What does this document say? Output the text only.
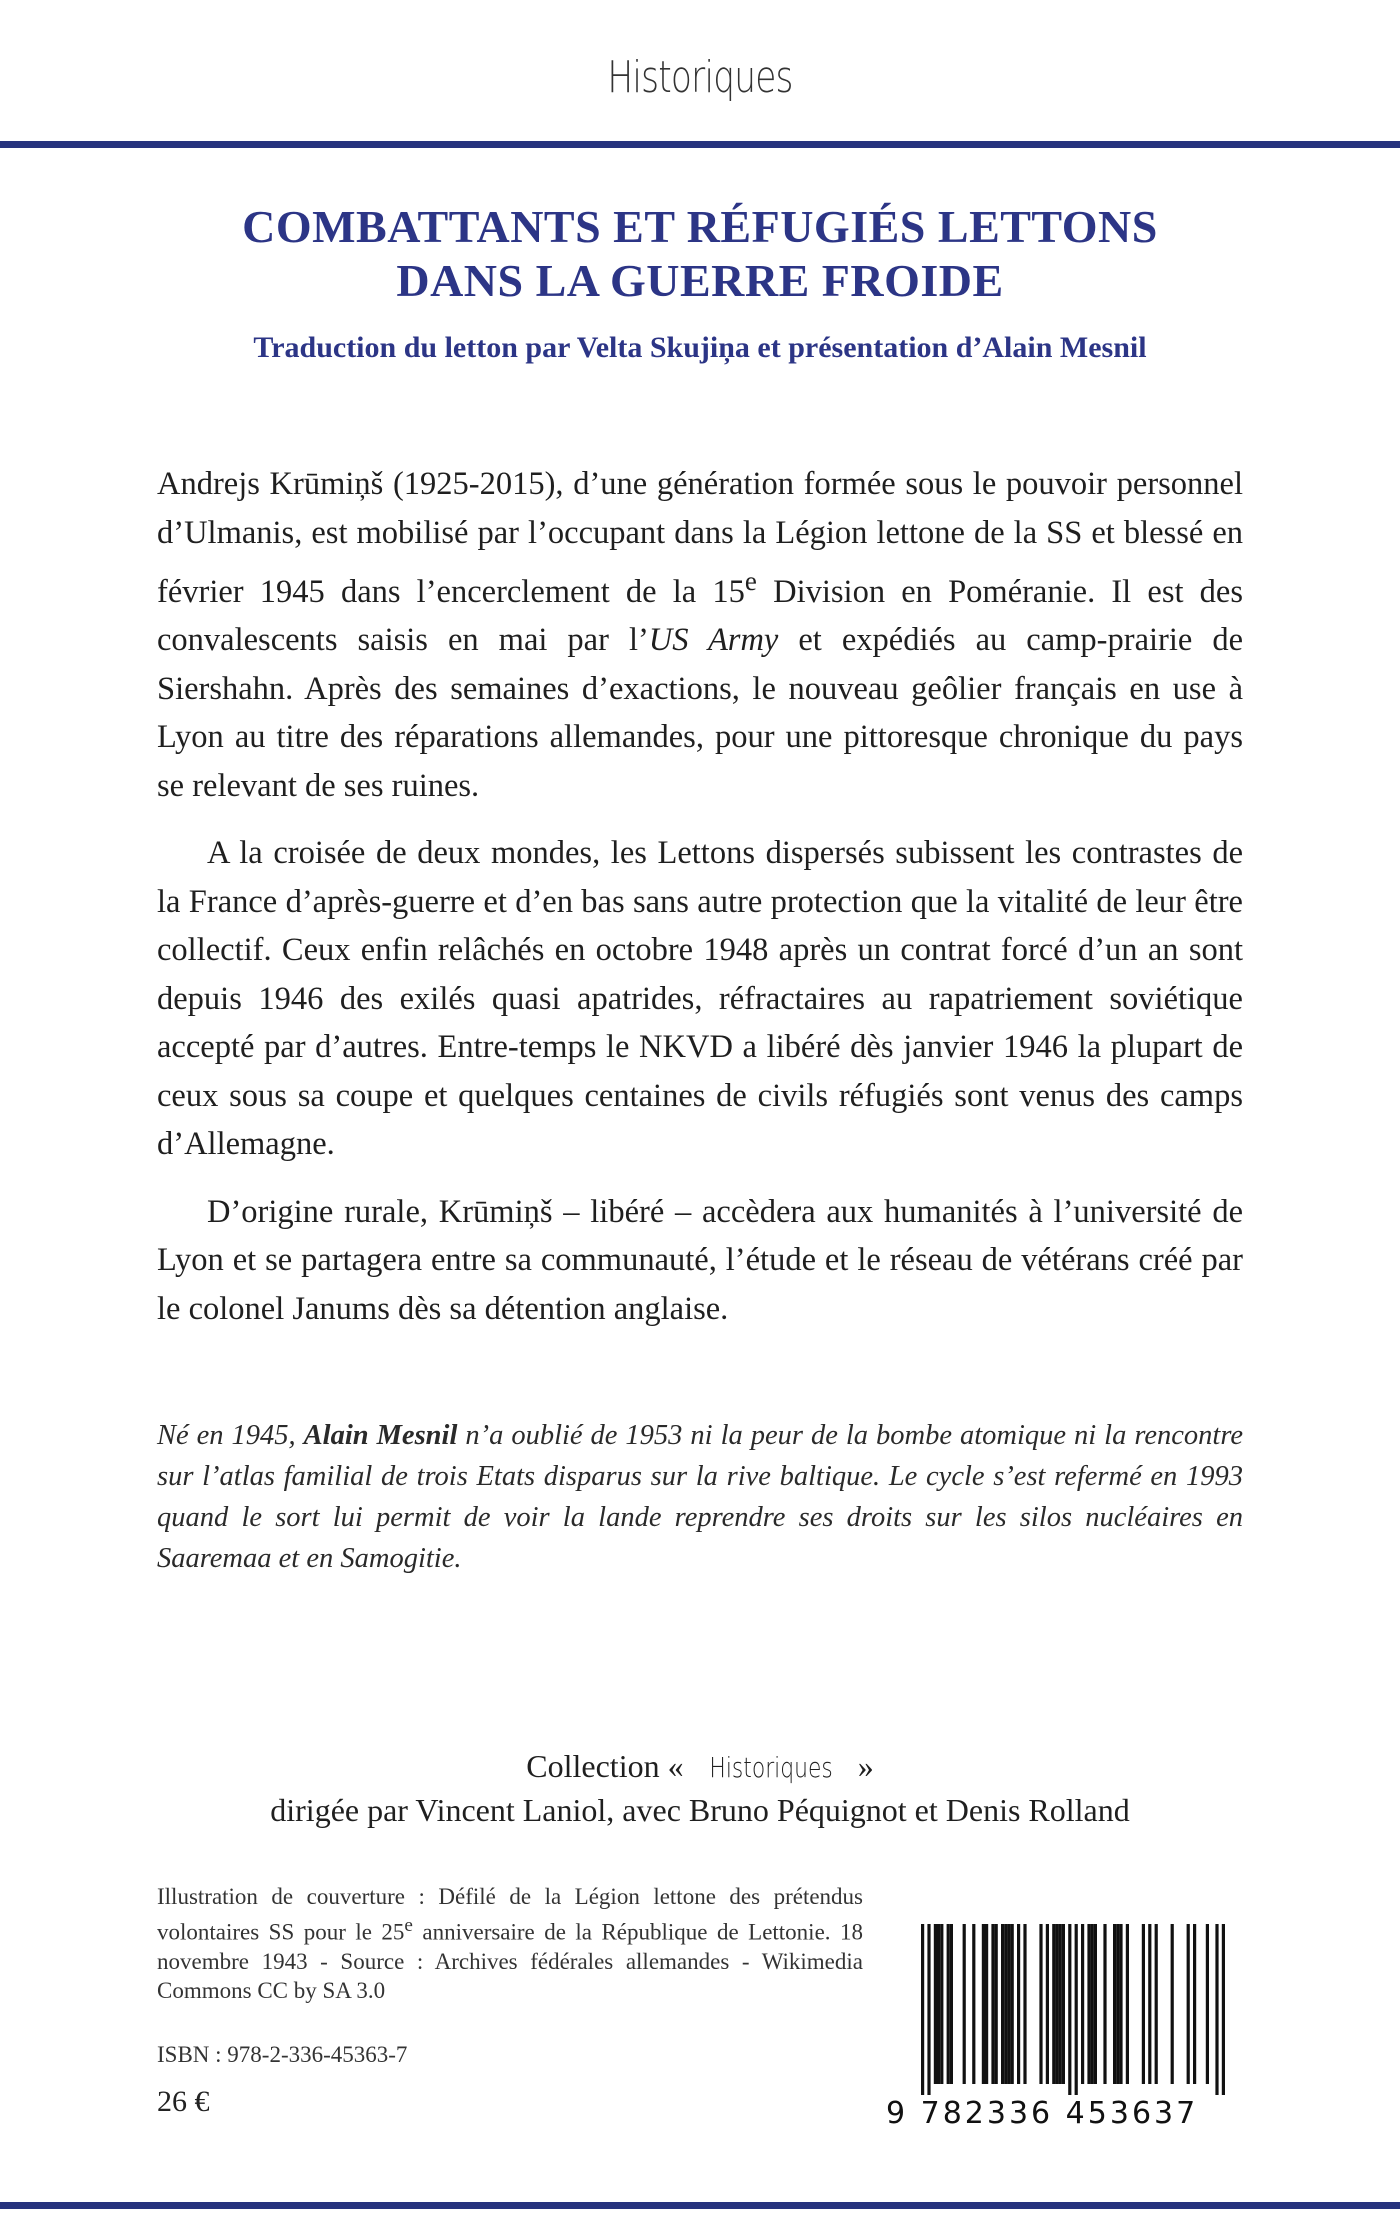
Historiques
COMBATTANTS ET RÉFUGIÉS LETTONS
DANS LA GUERRE FROIDE
Traduction du letton par Velta Skujiņa et présentation d’Alain Mesnil

Andrejs Krūmiņš (1925-2015), d’une génération formée sous le pouvoir personnel d’Ulmanis, est mobilisé par l’occupant dans la Légion lettone de la SS et blessé en février 1945 dans l’encerclement de la 15e Division en Poméranie. Il est des convalescents saisis en mai par l’US Army et expédiés au camp-prairie de Siershahn. Après des semaines d’exactions, le nouveau geôlier français en use à Lyon au titre des réparations allemandes, pour une pittoresque chronique du pays se relevant de ses ruines.

A la croisée de deux mondes, les Lettons dispersés subissent les contrastes de la France d’après-guerre et d’en bas sans autre protection que la vitalité de leur être collectif. Ceux enfin relâchés en octobre 1948 après un contrat forcé d’un an sont depuis 1946 des exilés quasi apatrides, réfractaires au rapatriement soviétique accepté par d’autres. Entre-temps le NKVD a libéré dès janvier 1946 la plupart de ceux sous sa coupe et quelques centaines de civils réfugiés sont venus des camps d’Allemagne.

D’origine rurale, Krūmiņš – libéré – accèdera aux humanités à l’université de Lyon et se partagera entre sa communauté, l’étude et le réseau de vétérans créé par le colonel Janums dès sa détention anglaise.

Né en 1945, Alain Mesnil n’a oublié de 1953 ni la peur de la bombe atomique ni la rencontre sur l’atlas familial de trois Etats disparus sur la rive baltique. Le cycle s’est refermé en 1993 quand le sort lui permit de voir la lande reprendre ses droits sur les silos nucléaires en Saaremaa et en Samogitie.

Collection « Historiques »
dirigée par Vincent Laniol, avec Bruno Péquignot et Denis Rolland

Illustration de couverture : Défilé de la Légion lettone des prétendus volontaires SS pour le 25e anniversaire de la République de Lettonie. 18 novembre 1943 - Source : Archives fédérales allemandes - Wikimedia Commons CC by SA 3.0

ISBN : 978-2-336-45363-7
26 €	9 782336 453637
